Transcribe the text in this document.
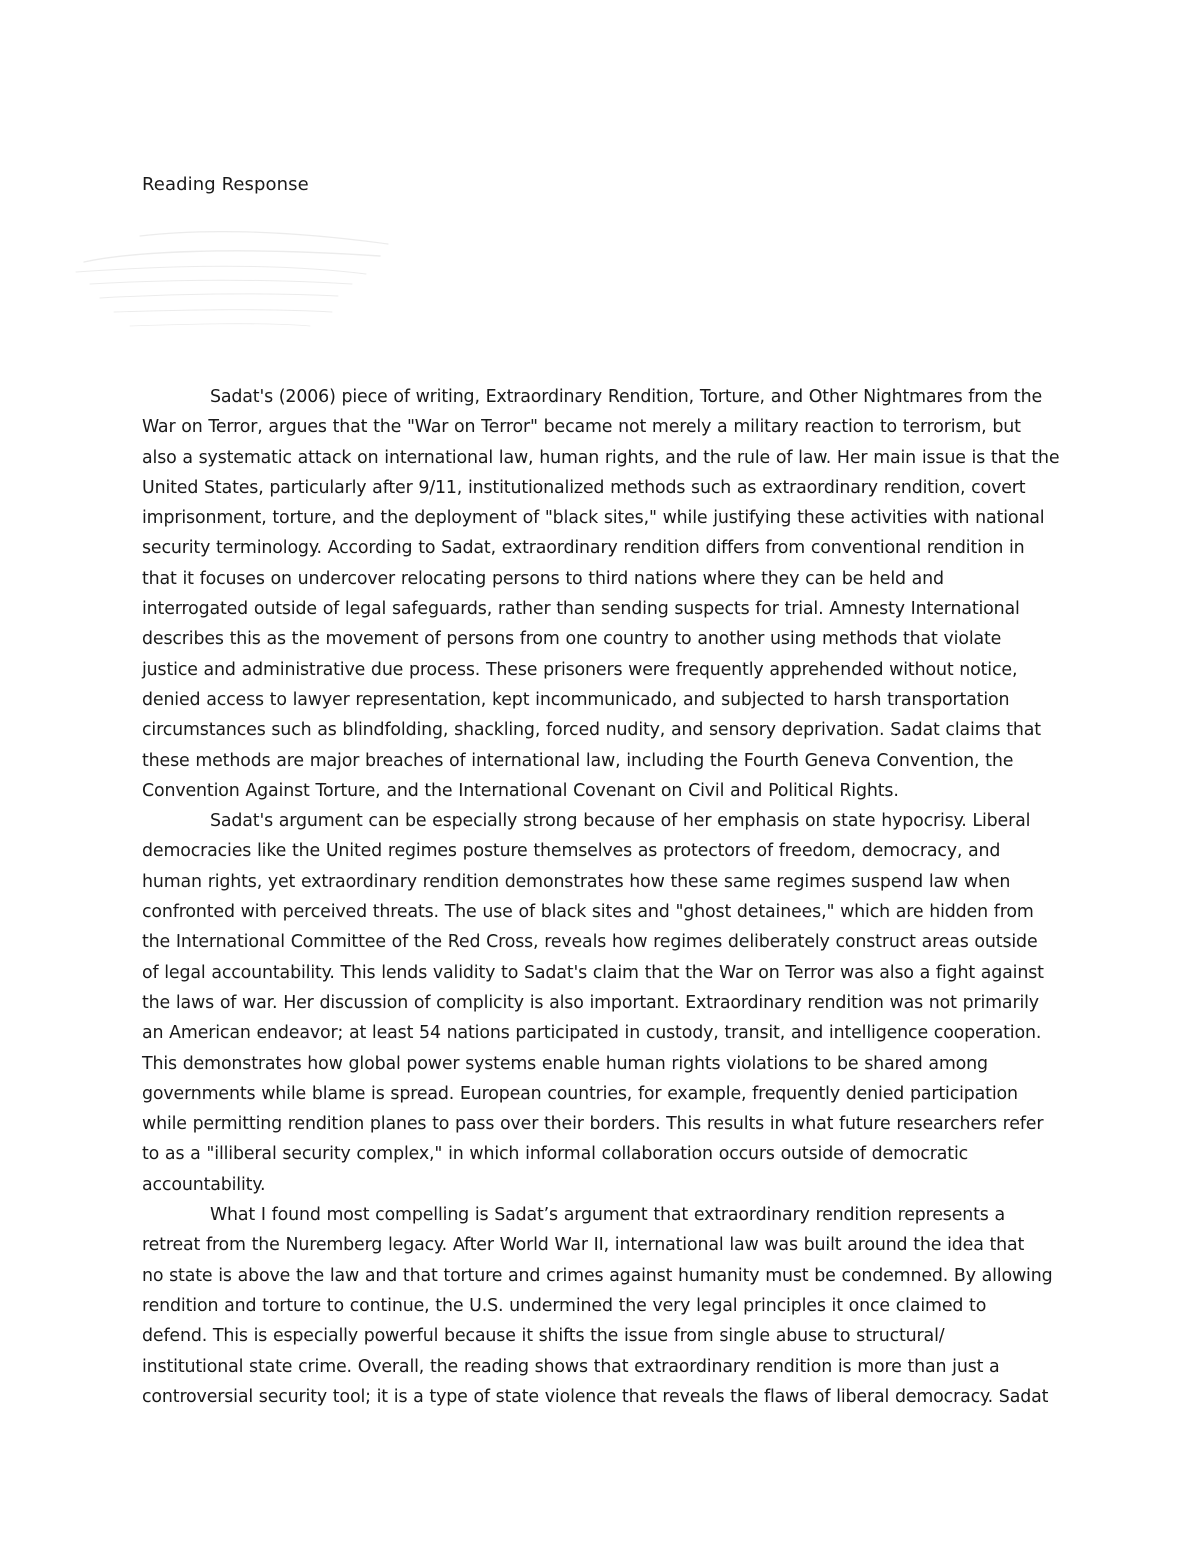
Reading Response
Sadat's (2006) piece of writing, Extraordinary Rendition, Torture, and Other Nightmares from the
War on Terror, argues that the "War on Terror" became not merely a military reaction to terrorism, but
also a systematic attack on international law, human rights, and the rule of law. Her main issue is that the
United States, particularly after 9/11, institutionalized methods such as extraordinary rendition, covert
imprisonment, torture, and the deployment of "black sites," while justifying these activities with national
security terminology. According to Sadat, extraordinary rendition differs from conventional rendition in
that it focuses on undercover relocating persons to third nations where they can be held and
interrogated outside of legal safeguards, rather than sending suspects for trial. Amnesty International
describes this as the movement of persons from one country to another using methods that violate
justice and administrative due process. These prisoners were frequently apprehended without notice,
denied access to lawyer representation, kept incommunicado, and subjected to harsh transportation
circumstances such as blindfolding, shackling, forced nudity, and sensory deprivation. Sadat claims that
these methods are major breaches of international law, including the Fourth Geneva Convention, the
Convention Against Torture, and the International Covenant on Civil and Political Rights.
Sadat's argument can be especially strong because of her emphasis on state hypocrisy. Liberal
democracies like the United regimes posture themselves as protectors of freedom, democracy, and
human rights, yet extraordinary rendition demonstrates how these same regimes suspend law when
confronted with perceived threats. The use of black sites and "ghost detainees," which are hidden from
the International Committee of the Red Cross, reveals how regimes deliberately construct areas outside
of legal accountability. This lends validity to Sadat's claim that the War on Terror was also a fight against
the laws of war. Her discussion of complicity is also important. Extraordinary rendition was not primarily
an American endeavor; at least 54 nations participated in custody, transit, and intelligence cooperation.
This demonstrates how global power systems enable human rights violations to be shared among
governments while blame is spread. European countries, for example, frequently denied participation
while permitting rendition planes to pass over their borders. This results in what future researchers refer
to as a "illiberal security complex," in which informal collaboration occurs outside of democratic
accountability.
What I found most compelling is Sadat’s argument that extraordinary rendition represents a
retreat from the Nuremberg legacy. After World War II, international law was built around the idea that
no state is above the law and that torture and crimes against humanity must be condemned. By allowing
rendition and torture to continue, the U.S. undermined the very legal principles it once claimed to
defend. This is especially powerful because it shifts the issue from single abuse to structural/
institutional state crime. Overall, the reading shows that extraordinary rendition is more than just a
controversial security tool; it is a type of state violence that reveals the flaws of liberal democracy. Sadat
